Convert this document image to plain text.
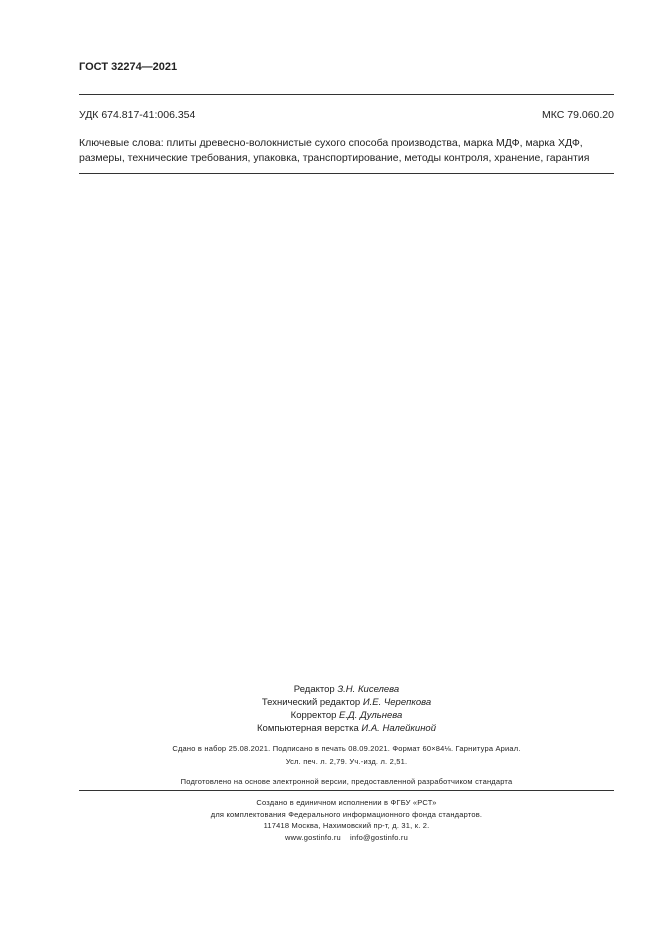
ГОСТ 32274—2021
УДК 674.817-41:006.354	МКС 79.060.20
Ключевые слова: плиты древесно-волокнистые сухого способа производства, марка МДФ, марка ХДФ, размеры, технические требования, упаковка, транспортирование, методы контроля, хранение, гарантия
Редактор З.Н. Киселева
Технический редактор И.Е. Черепкова
Корректор Е.Д. Дульнева
Компьютерная верстка И.А. Налейкиной
Сдано в набор 25.08.2021. Подписано в печать 08.09.2021. Формат 60×84⅛. Гарнитура Ариал.
Усл. печ. л. 2,79. Уч.-изд. л. 2,51.
Подготовлено на основе электронной версии, предоставленной разработчиком стандарта
Создано в единичном исполнении в ФГБУ «РСТ»
для комплектования Федерального информационного фонда стандартов.
117418 Москва, Нахимовский пр-т, д. 31, к. 2.
www.gostinfo.ru    info@gostinfo.ru
